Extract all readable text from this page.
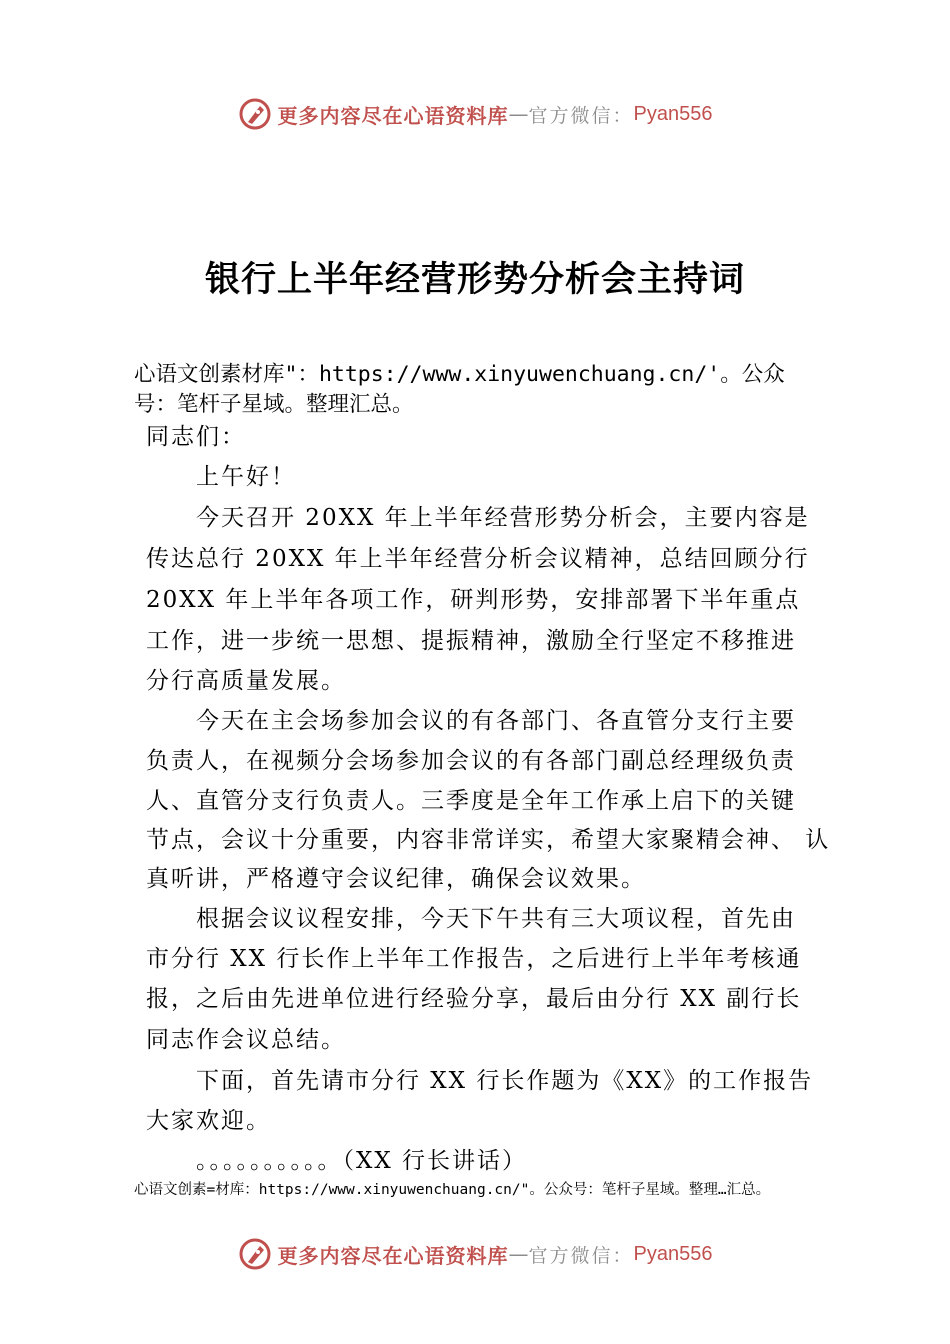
更多内容尽在心语资料库 — 官方微信： Pyan556
银行上半年经营形势分析会主持词
心语文创素材库"：https://www.xinyuwenchuang.cn/'。公众
号：笔杆子星域。整理汇总。
同志们：
上午好！
今天召开 20XX 年上半年经营形势分析会，主要内容是
传达总行 20XX 年上半年经营分析会议精神，总结回顾分行
20XX 年上半年各项工作，研判形势，安排部署下半年重点
工作，进一步统一思想、提振精神，激励全行坚定不移推进
分行高质量发展。
今天在主会场参加会议的有各部门、各直管分支行主要
负责人，在视频分会场参加会议的有各部门副总经理级负责
人、直管分支行负责人。三季度是全年工作承上启下的关键
节点，会议十分重要，内容非常详实，希望大家聚精会神、 认
真听讲，严格遵守会议纪律，确保会议效果。
根据会议议程安排，今天下午共有三大项议程，首先由
市分行 XX 行长作上半年工作报告，之后进行上半年考核通
报，之后由先进单位进行经验分享，最后由分行 XX 副行长
同志作会议总结。
下面，首先请市分行 XX 行长作题为《XX》的工作报告
大家欢迎。
。。。。。。。。。。（XX 行长讲话）
心语文创素=材库：https://www.xinyuwenchuang.cn/"。公众号：笔杆子星域。整理…汇总。
更多内容尽在心语资料库 — 官方微信： Pyan556
